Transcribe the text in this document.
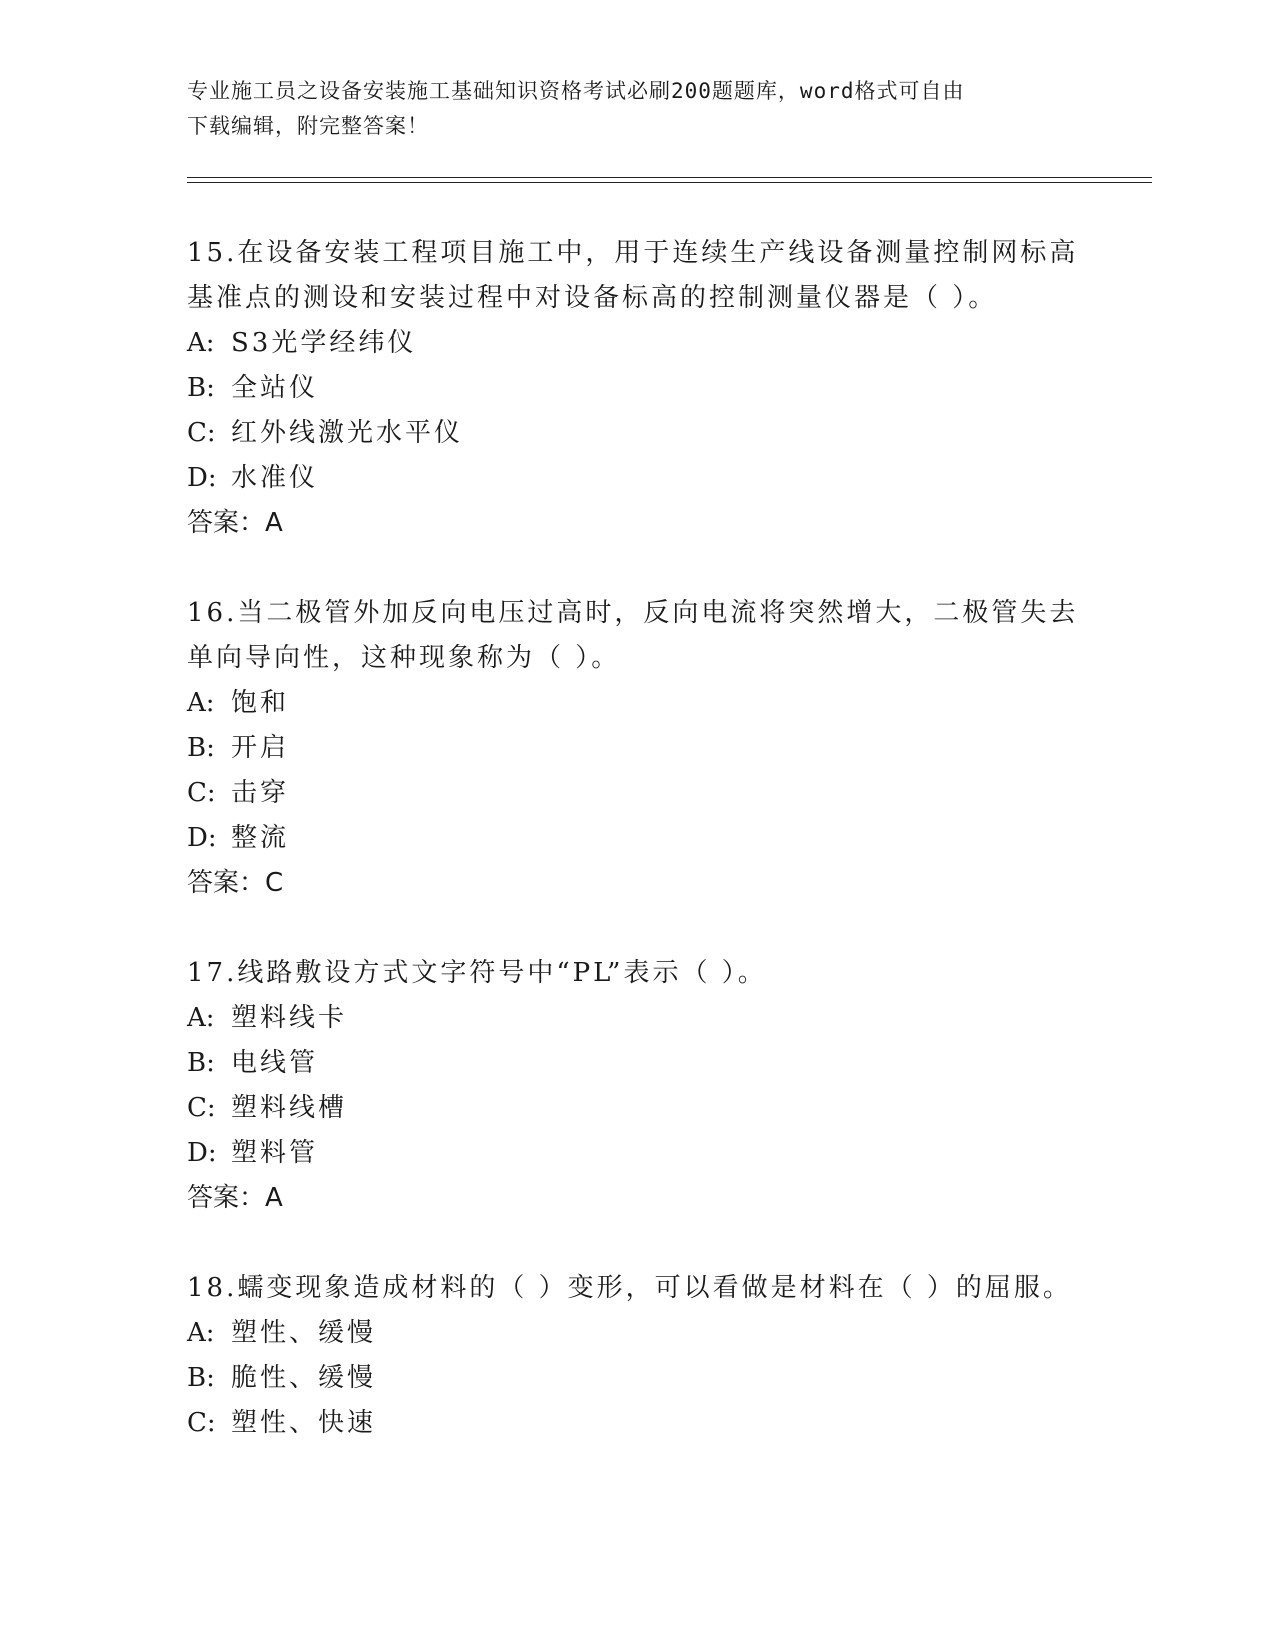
专业施工员之设备安装施工基础知识资格考试必刷200题题库，word格式可自由
下载编辑，附完整答案！

15.在设备安装工程项目施工中，用于连续生产线设备测量控制网标高基准点的测设和安装过程中对设备标高的控制测量仪器是（ ）。

A: S3光学经纬仪
B: 全站仪
C: 红外线激光水平仪
D: 水准仪
答案：A

16.当二极管外加反向电压过高时，反向电流将突然增大，二极管失去单向导向性，这种现象称为（ ）。

A: 饱和
B: 开启
C: 击穿
D: 整流
答案：C

17.线路敷设方式文字符号中“PL”表示（ ）。

A: 塑料线卡
B: 电线管
C: 塑料线槽
D: 塑料管
答案：A

18.蠕变现象造成材料的（ ）变形，可以看做是材料在（ ）的屈服。

A: 塑性、缓慢
B: 脆性、缓慢
C: 塑性、快速
